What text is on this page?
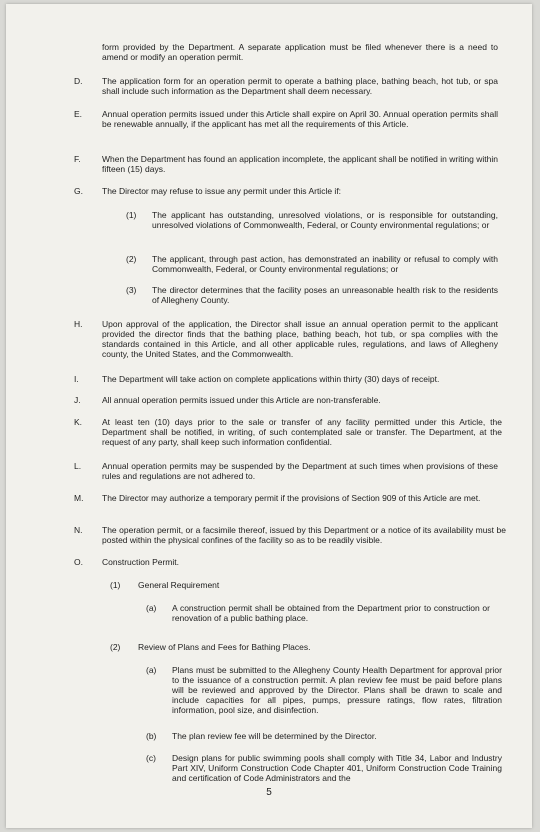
form provided by the Department. A separate application must be filed whenever there is a need to amend or modify an operation permit.
D. The application form for an operation permit to operate a bathing place, bathing beach, hot tub, or spa shall include such information as the Department shall deem necessary.
E. Annual operation permits issued under this Article shall expire on April 30. Annual operation permits shall be renewable annually, if the applicant has met all the requirements of this Article.
F.	When the Department has found an application incomplete, the applicant shall be notified in writing within fifteen (15) days.
G. The Director may refuse to issue any permit under this Article if:
(1) The applicant has outstanding, unresolved violations, or is responsible for outstanding, unresolved violations of Commonwealth, Federal, or County environmental regulations; or
(2) The applicant, through past action, has demonstrated an inability or refusal to comply with Commonwealth, Federal, or County environmental regulations; or
(3) The director determines that the facility poses an unreasonable health risk to the residents of Allegheny County.
H. Upon approval of the application, the Director shall issue an annual operation permit to the applicant provided the director finds that the bathing place, bathing beach, hot tub, or spa complies with the standards contained in this Article, and all other applicable rules, regulations, and laws of Allegheny county, the United States, and the Commonwealth.
I.	The Department will take action on complete applications within thirty (30) days of receipt.
J.	All annual operation permits issued under this Article are non-transferable.
K. At least ten (10) days prior to the sale or transfer of any facility permitted under this Article, the Department shall be notified, in writing, of such contemplated sale or transfer. The Department, at the request of any party, shall keep such information confidential.
L. Annual operation permits may be suspended by the Department at such times when provisions of these rules and regulations are not adhered to.
M. The Director may authorize a temporary permit if the provisions of Section 909 of this Article are met.
N. The operation permit, or a facsimile thereof, issued by this Department or a notice of its availability must be posted within the physical confines of the facility so as to be readily visible.
O. Construction Permit.
(1) General Requirement
(a) A construction permit shall be obtained from the Department prior to construction or renovation of a public bathing place.
(2) Review of Plans and Fees for Bathing Places.
(a) Plans must be submitted to the Allegheny County Health Department for approval prior to the issuance of a construction permit. A plan review fee must be paid before plans will be reviewed and approved by the Director. Plans shall be drawn to scale and include capacities for all pipes, pumps, pressure ratings, flow rates, filtration information, pool size, and disinfection.
(b) The plan review fee will be determined by the Director.
(c) Design plans for public swimming pools shall comply with Title 34, Labor and Industry Part XIV, Uniform Construction Code Chapter 401, Uniform Construction Code Training and certification of Code Administrators and the
5
